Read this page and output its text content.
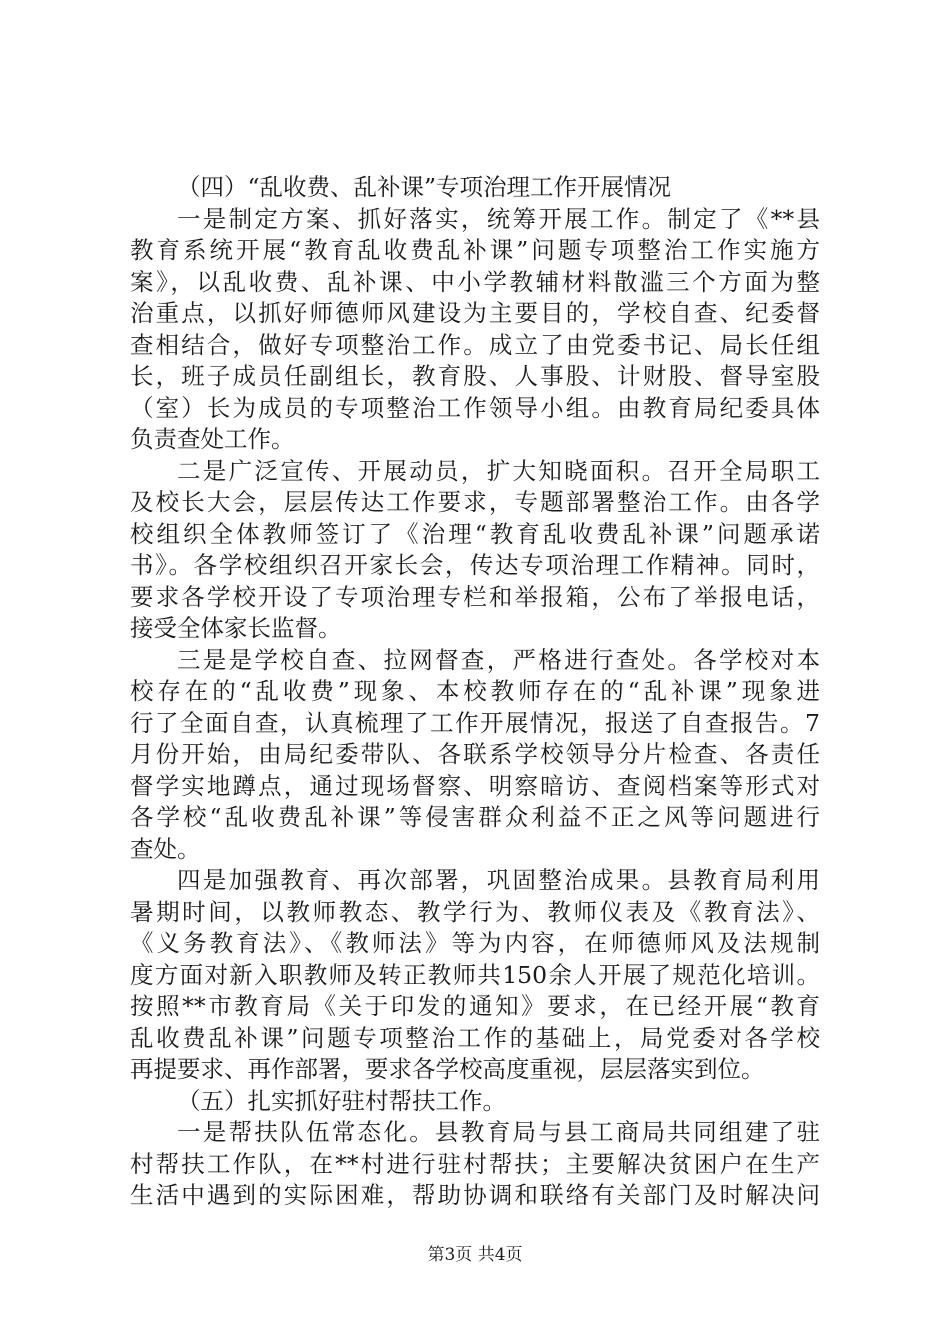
（四）“乱收费、乱补课”专项治理工作开展情况
一是制定方案、抓好落实，统筹开展工作。制定了《**县
教育系统开展“教育乱收费乱补课”问题专项整治工作实施方
案》，以乱收费、乱补课、中小学教辅材料散滥三个方面为整
治重点，以抓好师德师风建设为主要目的，学校自查、纪委督
查相结合，做好专项整治工作。成立了由党委书记、局长任组
长，班子成员任副组长，教育股、人事股、计财股、督导室股
（室）长为成员的专项整治工作领导小组。由教育局纪委具体
负责查处工作。
二是广泛宣传、开展动员，扩大知晓面积。召开全局职工
及校长大会，层层传达工作要求，专题部署整治工作。由各学
校组织全体教师签订了《治理“教育乱收费乱补课”问题承诺
书》。各学校组织召开家长会，传达专项治理工作精神。同时，
要求各学校开设了专项治理专栏和举报箱，公布了举报电话，
接受全体家长监督。
三是是学校自查、拉网督查，严格进行查处。各学校对本
校存在的“乱收费”现象、本校教师存在的“乱补课”现象进
行了全面自查，认真梳理了工作开展情况，报送了自查报告。7
月份开始，由局纪委带队、各联系学校领导分片检查、各责任
督学实地蹲点，通过现场督察、明察暗访、查阅档案等形式对
各学校“乱收费乱补课”等侵害群众利益不正之风等问题进行
查处。
四是加强教育、再次部署，巩固整治成果。县教育局利用
暑期时间，以教师教态、教学行为、教师仪表及《教育法》、
《义务教育法》、《教师法》等为内容，在师德师风及法规制
度方面对新入职教师及转正教师共150余人开展了规范化培训。
按照**市教育局《关于印发的通知》要求，在已经开展“教育
乱收费乱补课”问题专项整治工作的基础上，局党委对各学校
再提要求、再作部署，要求各学校高度重视，层层落实到位。
（五）扎实抓好驻村帮扶工作。
一是帮扶队伍常态化。县教育局与县工商局共同组建了驻
村帮扶工作队，在**村进行驻村帮扶；主要解决贫困户在生产
生活中遇到的实际困难，帮助协调和联络有关部门及时解决问
第3页 共4页
